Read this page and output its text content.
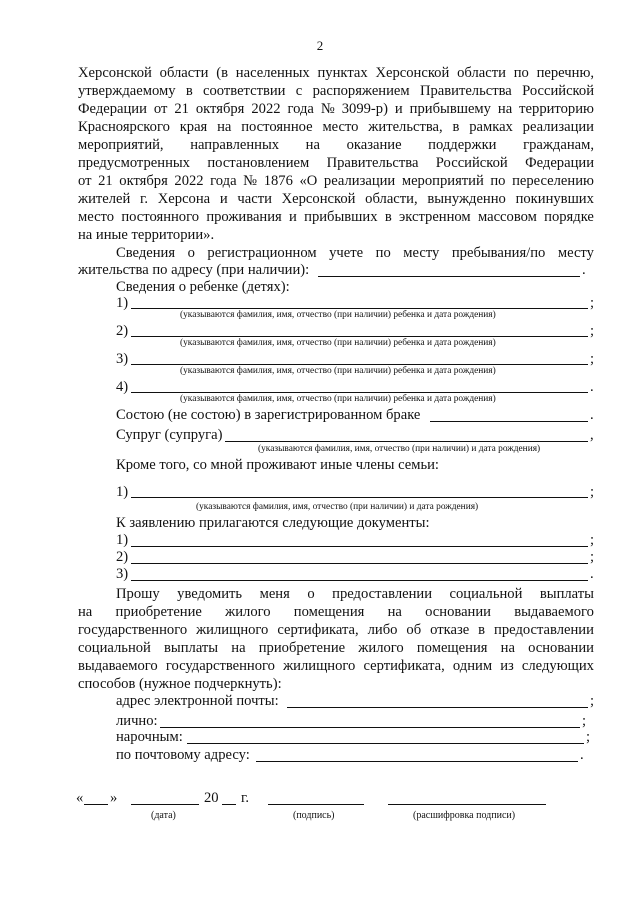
2
Херсонской области (в населенных пунктах Херсонской области по перечню,
утверждаемому в соответствии с распоряжением Правительства Российской
Федерации от 21 октября 2022 года № 3099-р) и прибывшему на территорию
Красноярского края на постоянное место жительства, в рамках реализации
мероприятий, направленных на оказание поддержки гражданам,
предусмотренных постановлением Правительства Российской Федерации
от 21 октября 2022 года № 1876 «О реализации мероприятий по переселению
жителей г. Херсона и части Херсонской области, вынужденно покинувших
место постоянного проживания и прибывших в экстренном массовом порядке
на иные территории».
Сведения о регистрационном учете по месту пребывания/по месту
жительства по адресу (при наличии):	.
Сведения о ребенке (детях):
1)	;
(указываются фамилия, имя, отчество (при наличии) ребенка и дата рождения)
2)	;
(указываются фамилия, имя, отчество (при наличии) ребенка и дата рождения)
3)	;
(указываются фамилия, имя, отчество (при наличии) ребенка и дата рождения)
4)	.
(указываются фамилия, имя, отчество (при наличии) ребенка и дата рождения)
Состою (не состою) в зарегистрированном браке	.
Супруг (супруга)	,
(указываются фамилия, имя, отчество (при наличии) и дата рождения)
Кроме того, со мной проживают иные члены семьи:
1)	;
(указываются фамилия, имя, отчество (при наличии) и дата рождения)
К заявлению прилагаются следующие документы:
1)	;
2)	;
3)	.
Прошу уведомить меня о предоставлении социальной выплаты
на приобретение жилого помещения на основании выдаваемого
государственного жилищного сертификата, либо об отказе в предоставлении
социальной выплаты на приобретение жилого помещения на основании
выдаваемого государственного жилищного сертификата, одним из следующих
способов (нужное подчеркнуть):
адрес электронной почты:	;
лично:	;
нарочным:	;
по почтовому адресу:	.
« »	20 г.
(дата)	(подпись)	(расшифровка подписи)
